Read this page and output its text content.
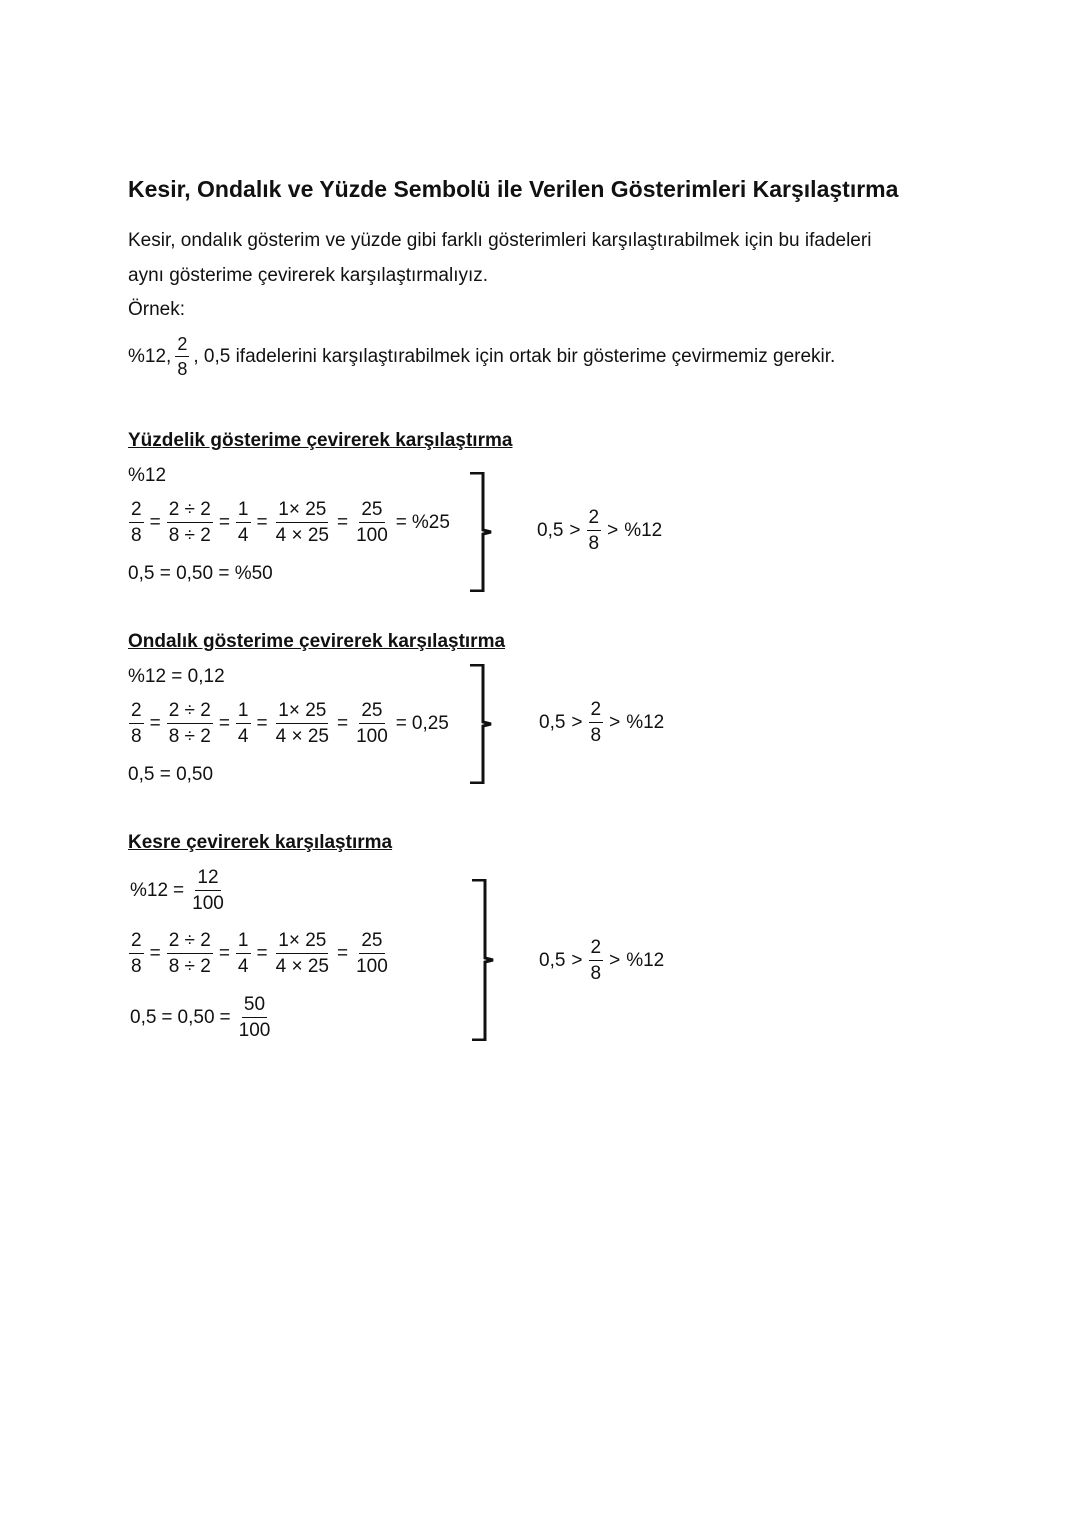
Kesir, Ondalık ve Yüzde Sembolü ile Verilen Gösterimleri Karşılaştırma
Kesir, ondalık gösterim ve yüzde gibi farklı gösterimleri karşılaştırabilmek için bu ifadeleri
aynı gösterime çevirerek karşılaştırmalıyız.
Örnek:
%12, $\frac{2}{8}$ , 0,5 ifadelerini karşılaştırabilmek için ortak bir gösterime çevirmemiz gerekir.
Yüzdelik gösterime çevirerek karşılaştırma
%12
$\frac{2}{8} = \frac{2 \div 2}{8 \div 2} = \frac{1}{4} = \frac{1\times 25}{4 \times 25} = \frac{25}{100} = \%25$
0,5 = 0,50 = %50
$0,5 > \frac{2}{8} > \%12$
Ondalık gösterime çevirerek karşılaştırma
%12 = 0,12
$\frac{2}{8} = \frac{2 \div 2}{8 \div 2} = \frac{1}{4} = \frac{1\times 25}{4 \times 25} = \frac{25}{100} = 0,25$
0,5 = 0,50
$0,5 > \frac{2}{8} > \%12$
Kesre çevirerek karşılaştırma
$\%12 = \frac{12}{100}$
$\frac{2}{8} = \frac{2 \div 2}{8 \div 2} = \frac{1}{4} = \frac{1\times 25}{4 \times 25} = \frac{25}{100}$
$0,5 = 0,50 = \frac{50}{100}$
$0,5 > \frac{2}{8} > \%12$
